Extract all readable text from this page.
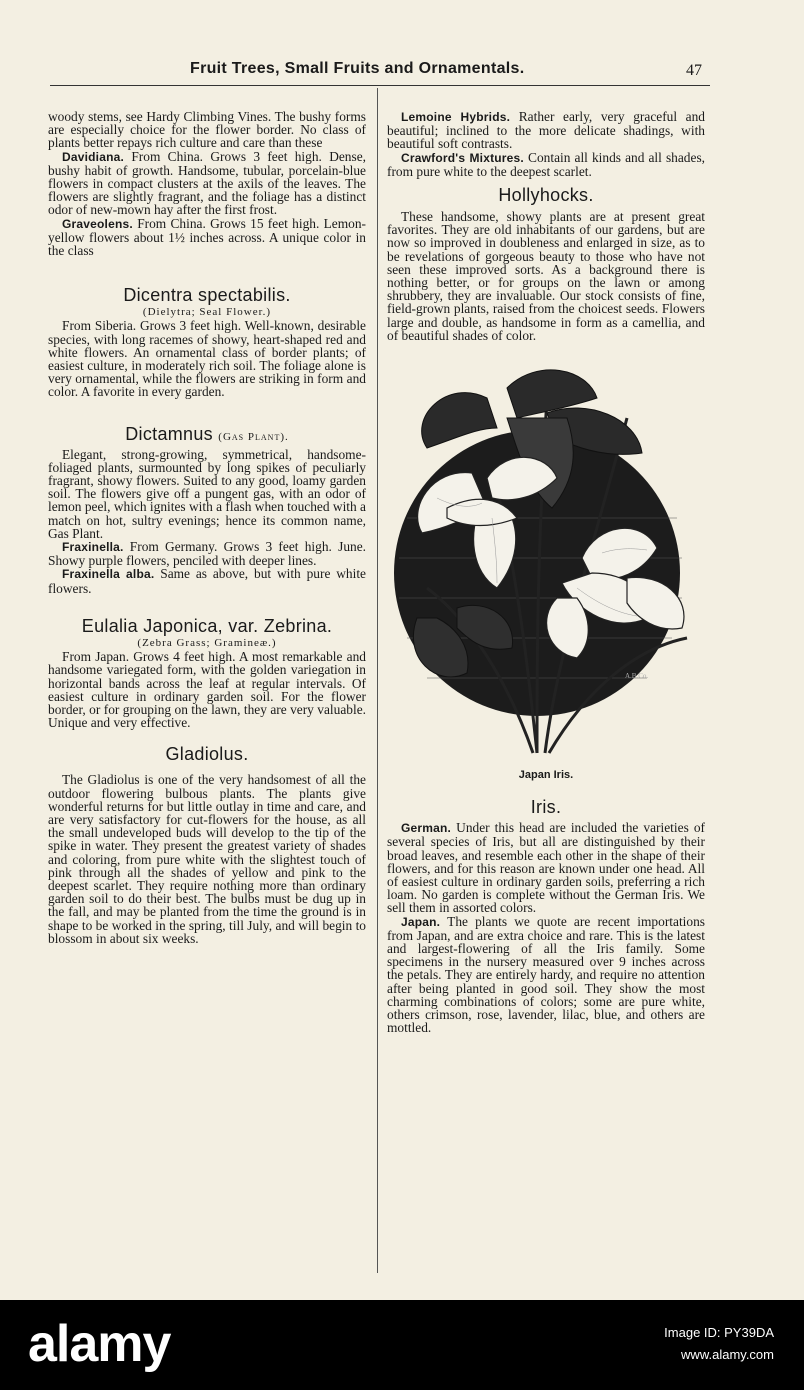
Fruit Trees, Small Fruits and Ornamentals.	47

woody stems, see Hardy Climbing Vines. The bushy forms are especially choice for the flower border. No class of plants better repays rich culture and care than these

Davidiana. From China. Grows 3 feet high. Dense, bushy habit of growth. Handsome, tubular, porcelain-blue flowers in compact clusters at the axils of the leaves. The flowers are slightly fragrant, and the foliage has a distinct odor of new-mown hay after the first frost.

Graveolens. From China. Grows 15 feet high. Lemon-yellow flowers about 1½ inches across. A unique color in the class

Dicentra spectabilis.

(Dielytra; Seal Flower.)

From Siberia. Grows 3 feet high. Well-known, desirable species, with long racemes of showy, heart-shaped red and white flowers. An ornamental class of border plants; of easiest culture, in moderately rich soil. The foliage alone is very ornamental, while the flowers are striking in form and color. A favorite in every garden.

Dictamnus (Gas Plant).

Elegant, strong-growing, symmetrical, handsome-foliaged plants, surmounted by long spikes of peculiarly fragrant, showy flowers. Suited to any good, loamy garden soil. The flowers give off a pungent gas, with an odor of lemon peel, which ignites with a flash when touched with a match on hot, sultry evenings; hence its common name, Gas Plant.

Fraxinella. From Germany. Grows 3 feet high. June. Showy purple flowers, penciled with deeper lines.

Fraxinella alba. Same as above, but with pure white flowers.

Eulalia Japonica, var. Zebrina.

(Zebra Grass; Gramineæ.)

From Japan. Grows 4 feet high. A most remarkable and handsome variegated form, with the golden variegation in horizontal bands across the leaf at regular intervals. Of easiest culture in ordinary garden soil. For the flower border, or for grouping on the lawn, they are very valuable. Unique and very effective.

Gladiolus.

The Gladiolus is one of the very handsomest of all the outdoor flowering bulbous plants. The plants give wonderful returns for but little outlay in time and care, and are very satisfactory for cut-flowers for the house, as all the small undeveloped buds will develop to the tip of the spike in water. They present the greatest variety of shades and coloring, from pure white with the slightest touch of pink through all the shades of yellow and pink to the deepest scarlet. They require nothing more than ordinary garden soil to do their best. The bulbs must be dug up in the fall, and may be planted from the time the ground is in shape to be worked in the spring, till July, and will begin to blossom in about six weeks.

Lemoine Hybrids. Rather early, very graceful and beautiful; inclined to the more delicate shadings, with beautiful soft contrasts.

Crawford's Mixtures. Contain all kinds and all shades, from pure white to the deepest scarlet.

Hollyhocks.

These handsome, showy plants are at present great favorites. They are old inhabitants of our gardens, but are now so improved in doubleness and enlarged in size, as to be revelations of gorgeous beauty to those who have not seen these improved sorts. As a background there is nothing better, or for groups on the lawn or among shrubbery, they are invaluable. Our stock consists of fine, field-grown plants, raised from the choicest seeds. Flowers large and double, as handsome in form as a camellia, and of beautiful shades of color.

A.B.Co.
Japan Iris.
Iris.

German. Under this head are included the varieties of several species of Iris, but all are distinguished by their broad leaves, and resemble each other in the shape of their flowers, and for this reason are known under one head. All of easiest culture in ordinary garden soils, preferring a rich loam. No garden is complete without the German Iris. We sell them in assorted colors.

Japan. The plants we quote are recent importations from Japan, and are extra choice and rare. This is the latest and largest-flowering of all the Iris family. Some specimens in the nursery measured over 9 inches across the petals. They are entirely hardy, and require no attention after being planted in good soil. They show the most charming combinations of colors; some are pure white, others crimson, rose, lavender, lilac, blue, and others are mottled.

alamy	Image ID: PY39DA
www.alamy.com
